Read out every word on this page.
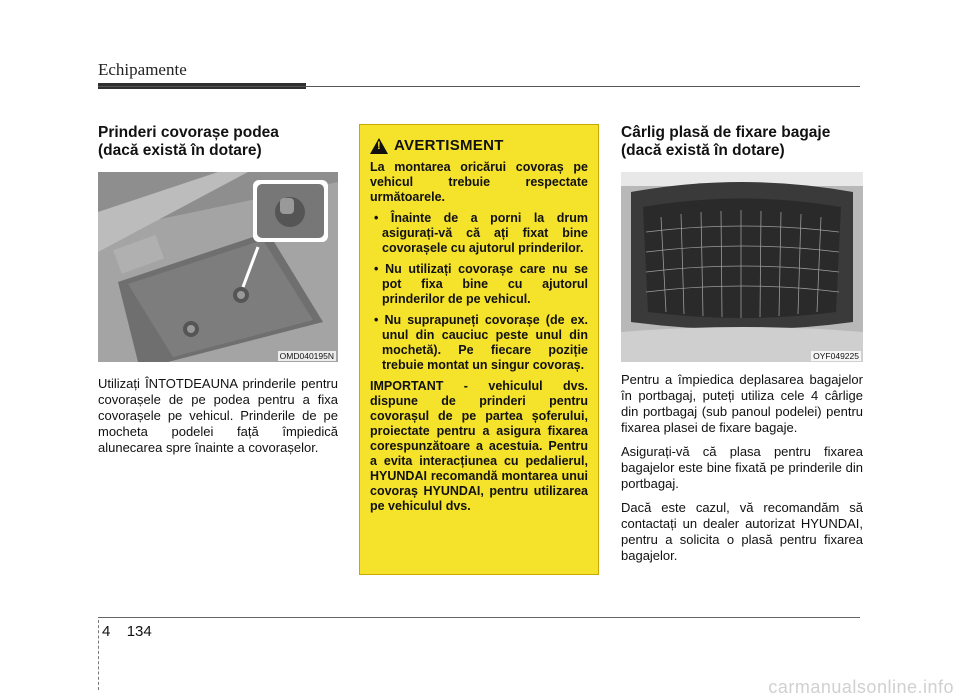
Echipamente
Prinderi covorașe podea
(dacă există în dotare)
OMD040195N

Utilizați ÎNTOTDEAUNA prinderile pentru covorașele de pe podea pentru a fixa covorașele pe vehicul. Prinderile de pe mocheta podelei față împiedică alunecarea spre înainte a covorașelor.

!
AVERTISMENT

La montarea oricărui covoraș pe vehicul trebuie respectate următoarele.

• Înainte de a porni la drum asigurați-vă că ați fixat bine covorașele cu ajutorul prinderilor.
• Nu utilizați covorașe care nu se pot fixa bine cu ajutorul prinderilor de pe vehicul.
• Nu suprapuneți covorașe (de ex. unul din cauciuc peste unul din mochetă). Pe fiecare poziție trebuie montat un singur covoraș.

IMPORTANT - vehiculul dvs. dispune de prinderi pentru covorașul de pe partea șoferului, proiectate pentru a asigura fixarea corespunzătoare a acestuia. Pentru a evita interacțiunea cu pedalierul, HYUNDAI recomandă montarea unui covoraș HYUNDAI, pentru utilizarea pe vehiculul dvs.

Cârlig plasă de fixare bagaje
(dacă există în dotare)
OYF049225

Pentru a împiedica deplasarea bagajelor în portbagaj, puteți utiliza cele 4 cârlige din portbagaj (sub panoul podelei) pentru fixarea plasei de fixare bagaje.

Asigurați-vă că plasa pentru fixarea bagajelor este bine fixată pe prinderile din portbagaj.

Dacă este cazul, vă recomandăm să contactați un dealer autorizat HYUNDAI, pentru a solicita o plasă pentru fixarea bagajelor.

4 134
carmanualsonline.info
